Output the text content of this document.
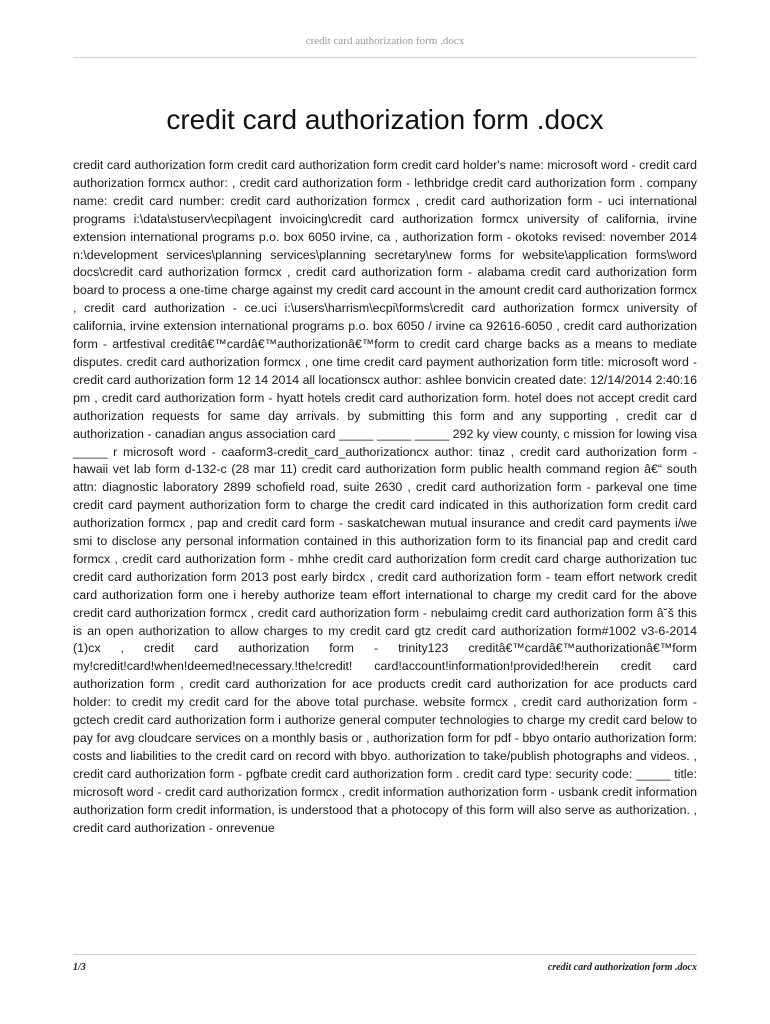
credit card authorization form .docx
credit card authorization form .docx

credit card authorization form credit card authorization form credit card holder's name: microsoft word - credit card authorization formcx author: , credit card authorization form - lethbridge credit card authorization form . company name: credit card number: credit card authorization formcx , credit card authorization form - uci international programs i:\data\stuserv\ecpi\agent invoicing\credit card authorization formcx university of california, irvine extension international programs p.o. box 6050 irvine, ca , authorization form - okotoks revised: november 2014 n:\development services\planning services\planning secretary\new forms for website\application forms\word docs\credit card authorization formcx , credit card authorization form - alabama credit card authorization form board to process a one-time charge against my credit card account in the amount credit card authorization formcx , credit card authorization - ce.uci i:\users\harrism\ecpi\forms\credit card authorization formcx university of california, irvine extension international programs p.o. box 6050 / irvine ca 92616-6050 , credit card authorization form - artfestival creditâ€™cardâ€™authorizationâ€™form to credit card charge backs as a means to mediate disputes. credit card authorization formcx , one time credit card payment authorization form title: microsoft word - credit card authorization form 12 14 2014 all locationscx author: ashlee bonvicin created date: 12/14/2014 2:40:16 pm , credit card authorization form - hyatt hotels credit card authorization form. hotel does not accept credit card authorization requests for same day arrivals. by submitting this form and any supporting , credit car d authorization - canadian angus association card _____ _____ _____ 292 ky view county, c mission for lowing visa _____ r microsoft word - caaform3-credit_card_authorizationcx author: tinaz , credit card authorization form - hawaii vet lab form d-132-c (28 mar 11) credit card authorization form public health command region â€“ south attn: diagnostic laboratory 2899 schofield road, suite 2630 , credit card authorization form - parkeval one time credit card payment authorization form to charge the credit card indicated in this authorization form credit card authorization formcx , pap and credit card form - saskatchewan mutual insurance and credit card payments i/we smi to disclose any personal information contained in this authorization form to its financial pap and credit card formcx , credit card authorization form - mhhe credit card authorization form credit card charge authorization tuc credit card authorization form 2013 post early birdcx , credit card authorization form - team effort network credit card authorization form one i hereby authorize team effort international to charge my credit card for the above credit card authorization formcx , credit card authorization form - nebulaimg credit card authorization form â˘š this is an open authorization to allow charges to my credit card gtz credit card authorization form#1002 v3-6-2014 (1)cx , credit card authorization form - trinity123 creditâ€™cardâ€™authorizationâ€™form my!credit!card!when!deemed!necessary.!the!credit! card!account!information!provided!herein credit card authorization form , credit card authorization for ace products credit card authorization for ace products card holder: to credit my credit card for the above total purchase. website formcx , credit card authorization form - gctech credit card authorization form i authorize general computer technologies to charge my credit card below to pay for avg cloudcare services on a monthly basis or , authorization form for pdf - bbyo ontario authorization form: costs and liabilities to the credit card on record with bbyo. authorization to take/publish photographs and videos. , credit card authorization form - pgfbate credit card authorization form . credit card type: security code: _____ title: microsoft word - credit card authorization formcx , credit information authorization form - usbank credit information authorization form credit information, is understood that a photocopy of this form will also serve as authorization. , credit card authorization - onrevenue

1/3	credit card authorization form .docx
